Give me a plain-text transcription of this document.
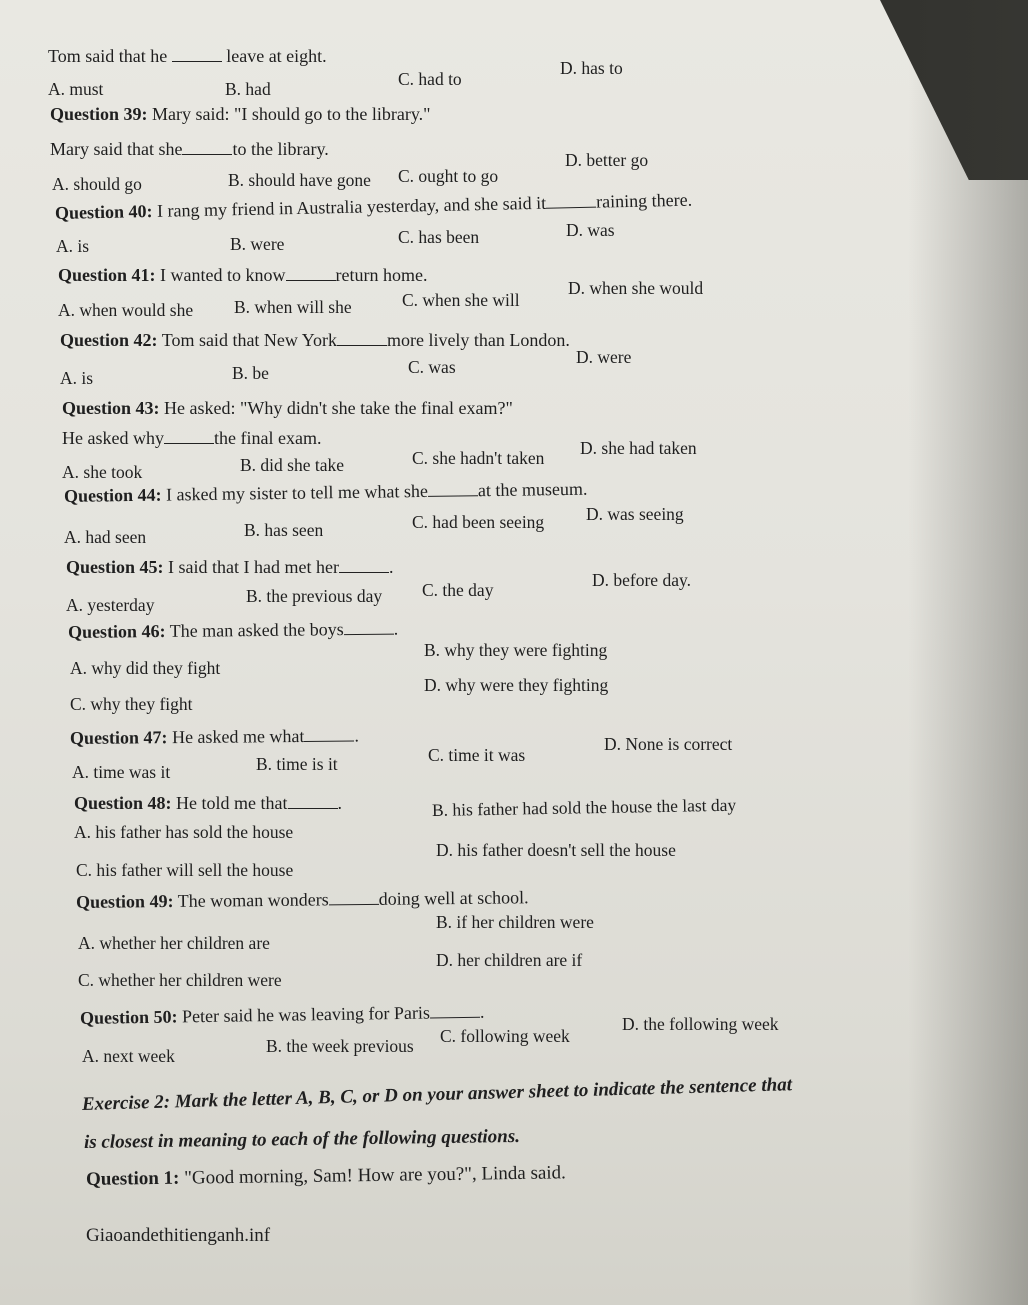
Tom said that he	leave at eight.
A. must	B. had	C. had to
D. has to
Question 39: Mary said: "I should go to the library."
Mary said that she	to the library.
A. should go	B. should have gone C. ought to go
D. better go
Question 40: I rang my friend in Australia yesterday, and she said it	raining there.
A. is	B. were	C. has been	D. was
Question 41: I wanted to know	return home.
A. when would she B. when will she	C. when she will
D. when she would
Question 42: Tom said that New York	more lively than London.
A. is	B. be	C. was	D. were
Question 43: He asked: "Why didn't she take the final exam?"
He asked why	the final exam.
A. she took	B. did she take	C. she hadn't taken D. she had taken
Question 44: I asked my sister to tell me what she	at the museum.
A. had seen	B. has seen	C. had been seeing D. was seeing
Question 45: I said that I had met her	.
A. yesterday	B. the previous day C. the day	D. before day.
Question 46: The man asked the boys	.
A. why did they fight
B. why they were fighting
C. why they fight
D. why were they fighting
Question 47: He asked me what	.
A. time was it	B. time is it	C. time it was
D. None is correct
Question 48: He told me that	.
A. his father has sold the house
B. his father had sold the house the last day
C. his father will sell the house
D. his father doesn't sell the house
Question 49: The woman wonders	doing well at school.
A. whether her children are
B. if her children were
C. whether her children were
D. her children are if
Question 50: Peter said he was leaving for Paris	.
A. next week	B. the week previous C. following week
D. the following week
Exercise 2: Mark the letter A, B, C, or D on your answer sheet to indicate the sentence that
is closest in meaning to each of the following questions.
Question 1: "Good morning, Sam! How are you?", Linda said.
Giaoandethitienganh.inf
